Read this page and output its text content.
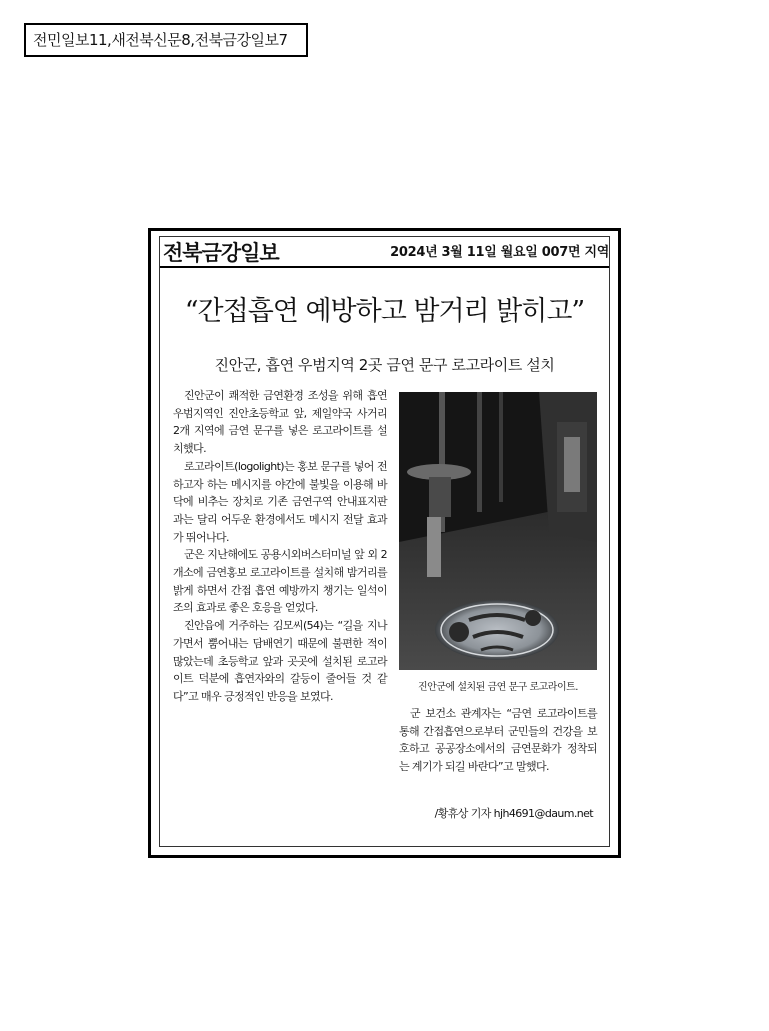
전민일보11,새전북신문8,전북금강일보7
전북금강일보	2024년 3월 11일 월요일 007면 지역
“간접흡연 예방하고 밤거리 밝히고”
진안군, 흡연 우범지역 2곳 금연 문구 로고라이트 설치

진안군이 쾌적한 금연환경 조성을 위해 흡연 우범지역인 진안초등학교 앞, 제일약국 사거리 2개 지역에 금연 문구를 넣은 로고라이트를 설치했다.

로고라이트(logolight)는 홍보 문구를 넣어 전하고자 하는 메시지를 야간에 불빛을 이용해 바닥에 비추는 장치로 기존 금연구역 안내표지판과는 달리 어두운 환경에서도 메시지 전달 효과가 뛰어나다.

군은 지난해에도 공용시외버스터미널 앞 외 2개소에 금연홍보 로고라이트를 설치해 밤거리를 밝게 하면서 간접 흡연 예방까지 챙기는 일석이조의 효과로 좋은 호응을 얻었다.

진안읍에 거주하는 김모씨(54)는 “길을 지나가면서 뿜어내는 담배연기 때문에 불편한 적이 많았는데 초등학교 앞과 곳곳에 설치된 로고라이트 덕분에 흡연자와의 갈등이 줄어들 것 같다”고 매우 긍정적인 반응을 보였다.

진안군에 설치된 금연 문구 로고라이트.

군 보건소 관계자는 “금연 로고라이트를 통해 간접흡연으로부터 군민들의 건강을 보호하고 공공장소에서의 금연문화가 정착되는 계기가 되길 바란다”고 말했다.

/황휴상 기자 hjh4691@daum.net
